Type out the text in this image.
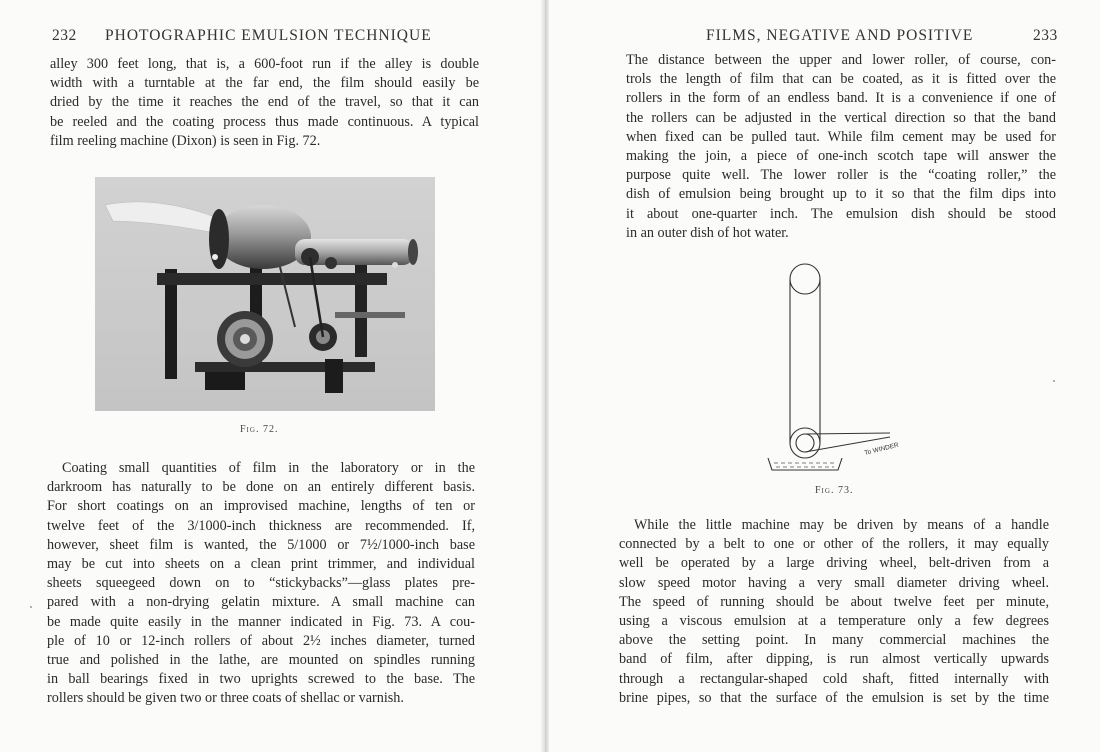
232 PHOTOGRAPHIC EMULSION TECHNIQUE
alley 300 feet long, that is, a 600-foot run if the alley is double
width with a turntable at the far end, the film should easily be
dried by the time it reaches the end of the travel, so that it can
be reeled and the coating process thus made continuous. A typical
film reeling machine (Dixon) is seen in Fig. 72.
Fig. 72.
Coating small quantities of film in the laboratory or in the
darkroom has naturally to be done on an entirely different basis.
For short coatings on an improvised machine, lengths of ten or
twelve feet of the 3/1000-inch thickness are recommended. If,
however, sheet film is wanted, the 5/1000 or 7½/1000-inch base
may be cut into sheets on a clean print trimmer, and individual
sheets squeegeed down on to “stickybacks”—glass plates pre-
pared with a non-drying gelatin mixture. A small machine can
be made quite easily in the manner indicated in Fig. 73. A cou-
ple of 10 or 12-inch rollers of about 2½ inches diameter, turned
true and polished in the lathe, are mounted on spindles running
in ball bearings fixed in two uprights screwed to the base. The
rollers should be given two or three coats of shellac or varnish.
FILMS, NEGATIVE AND POSITIVE	233
The distance between the upper and lower roller, of course, con-
trols the length of film that can be coated, as it is fitted over the
rollers in the form of an endless band. It is a convenience if one of
the rollers can be adjusted in the vertical direction so that the band
when fixed can be pulled taut. While film cement may be used for
making the join, a piece of one-inch scotch tape will answer the
purpose quite well. The lower roller is the “coating roller,” the
dish of emulsion being brought up to it so that the film dips into
it about one-quarter inch. The emulsion dish should be stood
in an outer dish of hot water.
Fig. 73.
While the little machine may be driven by means of a handle
connected by a belt to one or other of the rollers, it may equally
well be operated by a large driving wheel, belt-driven from a
slow speed motor having a very small diameter driving wheel.
The speed of running should be about twelve feet per minute,
using a viscous emulsion at a temperature only a few degrees
above the setting point. In many commercial machines the
band of film, after dipping, is run almost vertically upwards
through a rectangular-shaped cold shaft, fitted internally with
brine pipes, so that the surface of the emulsion is set by the time
To WINDER
